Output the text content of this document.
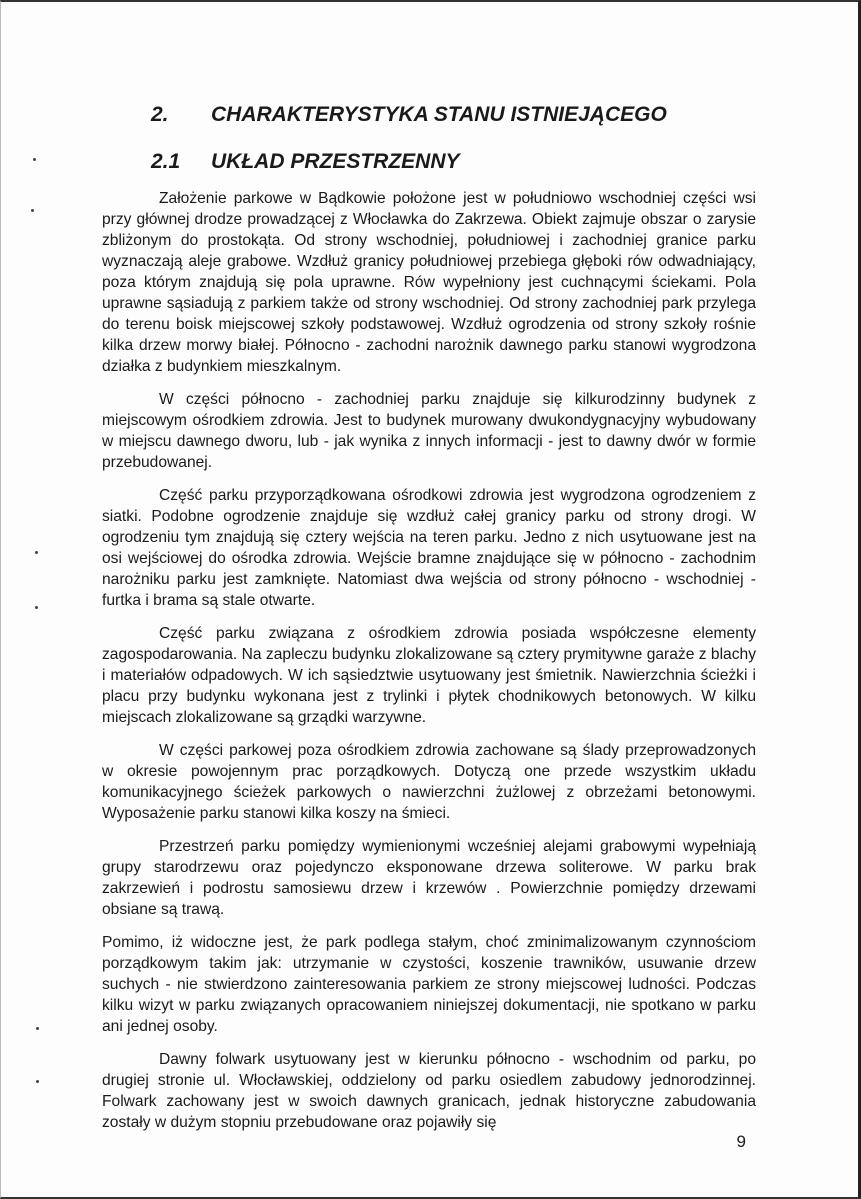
2. CHARAKTERYSTYKA STANU ISTNIEJĄCEGO
2.1 UKŁAD PRZESTRZENNY

Założenie parkowe w Bądkowie położone jest w południowo wschodniej części wsi przy głównej drodze prowadzącej z Włocławka do Zakrzewa. Obiekt zajmuje obszar o zarysie zbliżonym do prostokąta. Od strony wschodniej, południowej i zachodniej granice parku wyznaczają aleje grabowe. Wzdłuż granicy południowej przebiega głęboki rów odwadniający, poza którym znajdują się pola uprawne. Rów wypełniony jest cuchnącymi ściekami. Pola uprawne sąsiadują z parkiem także od strony wschodniej. Od strony zachodniej park przylega do terenu boisk miejscowej szkoły podstawowej. Wzdłuż ogrodzenia od strony szkoły rośnie kilka drzew morwy białej. Północno - zachodni narożnik dawnego parku stanowi wygrodzona działka z budynkiem mieszkalnym.

W części północno - zachodniej parku znajduje się kilkurodzinny budynek z miejscowym ośrodkiem zdrowia. Jest to budynek murowany dwukondygnacyjny wybudowany w miejscu dawnego dworu, lub - jak wynika z innych informacji - jest to dawny dwór w formie przebudowanej.

Część parku przyporządkowana ośrodkowi zdrowia jest wygrodzona ogrodzeniem z siatki. Podobne ogrodzenie znajduje się wzdłuż całej granicy parku od strony drogi. W ogrodzeniu tym znajdują się cztery wejścia na teren parku. Jedno z nich usytuowane jest na osi wejściowej do ośrodka zdrowia. Wejście bramne znajdujące się w północno - zachodnim narożniku parku jest zamknięte. Natomiast dwa wejścia od strony północno - wschodniej - furtka i brama są stale otwarte.

Część parku związana z ośrodkiem zdrowia posiada współczesne elementy zagospodarowania. Na zapleczu budynku zlokalizowane są cztery prymitywne garaże z blachy i materiałów odpadowych. W ich sąsiedztwie usytuowany jest śmietnik. Nawierzchnia ścieżki i placu przy budynku wykonana jest z trylinki i płytek chodnikowych betonowych. W kilku miejscach zlokalizowane są grządki warzywne.

W części parkowej poza ośrodkiem zdrowia zachowane są ślady przeprowadzonych w okresie powojennym prac porządkowych. Dotyczą one przede wszystkim układu komunikacyjnego ścieżek parkowych o nawierzchni żużlowej z obrzeżami betonowymi. Wyposażenie parku stanowi kilka koszy na śmieci.

Przestrzeń parku pomiędzy wymienionymi wcześniej alejami grabowymi wypełniają grupy starodrzewu oraz pojedynczo eksponowane drzewa soliterowe. W parku brak zakrzewień i podrostu samosiewu drzew i krzewów . Powierzchnie pomiędzy drzewami obsiane są trawą.

Pomimo, iż widoczne jest, że park podlega stałym, choć zminimalizowanym czynnościom porządkowym takim jak: utrzymanie w czystości, koszenie trawników, usuwanie drzew suchych - nie stwierdzono zainteresowania parkiem ze strony miejscowej ludności. Podczas kilku wizyt w parku związanych opracowaniem niniejszej dokumentacji, nie spotkano w parku ani jednej osoby.

Dawny folwark usytuowany jest w kierunku północno - wschodnim od parku, po drugiej stronie ul. Włocławskiej, oddzielony od parku osiedlem zabudowy jednorodzinnej. Folwark zachowany jest w swoich dawnych granicach, jednak historyczne zabudowania zostały w dużym stopniu przebudowane oraz pojawiły się

9
